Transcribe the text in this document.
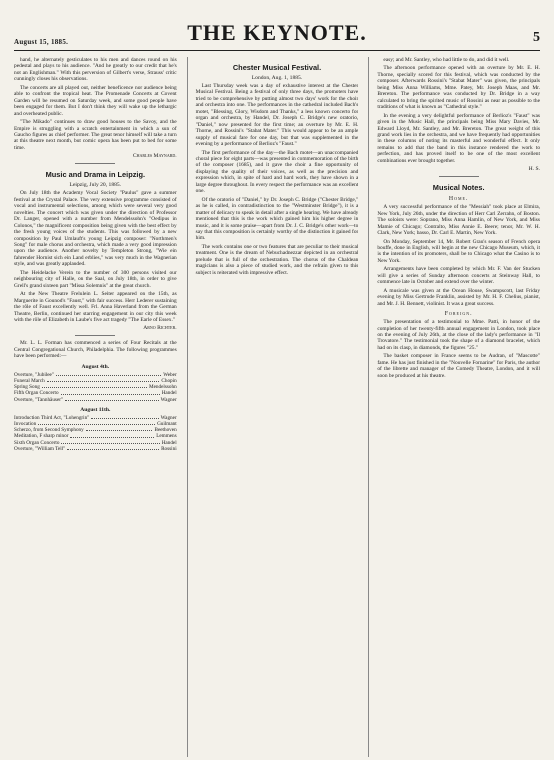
August 15, 1885.	THE KEYNOTE.	5

hand, he alternately gesticulates to his men and dances round on his pedestal and plays to his audience. "And he greatly to our credit that he's not an Englishman." With this perversion of Gilbert's verse, Strauss' critic cunningly closes his observations.

The concerts are all played out, neither beneficence nor audience being able to confront the tropical heat. The Promenade Concerts at Covent Garden will be resumed on Saturday week, and some good people have been engaged for them. But I don't think they will wake up the lethargic and overheated public.

"The Mikado" continues to draw good houses to the Savoy, and the Empire is struggling with a scratch entertainment in which a sun of Gaucho figures as chief performer. The great tenor himself will take a turn at this theatre next month, but comic opera has been put to bed for some time.

Charles Maynard.
Music and Drama in Leipzig.
Leipzig, July 20, 1885.

On July 18th the Academy Vocal Society "Paulus" gave a summer festival at the Crystal Palace. The very extensive programme consisted of vocal and instrumental selections, among which were several very good novelties. The concert which was given under the direction of Professor Dr. Langer, opened with a number from Mendelssohn's "Oedipus in Colonos," the magnificent composition being given with the best effect by the fresh young voices of the students. This was followed by a new composition by Paul Umlauft's young Leipzig composer: "Northmen's Song" for male chorus and orchestra, which made a very good impression upon the audience. Another novelty by Templeton Strong, "Wie ein fahrender Hornist sich ein Land erblies," was very much in the Wagnerian style, and was greatly applauded.

The Heidelacke Verein to the number of 300 persons visited our neighbouring city of Halle, on the Saal, on July 18th, in order to give Grell's grand sixteen part "Missa Solemnis" at the great church.

At the New Theatre Frelulein L. Seiter appeared on the 15th, as Marguerite in Gounod's "Faust," with fair success. Herr Lederer sustaining the rôle of Faust excellently well. Frl. Anna Haverland from the German Theatre, Berlin, continued her starring engagement in our city this week with the rôle of Elizabeth in Laube's five act tragedy "The Earle of Essex."

Arno Richter.

Mr. L. L. Forman has commenced a series of Four Recitals at the Central Congregational Church, Philadelphia. The following programmes have been performed:—

August 4th.
Overture, "Jubilee"	Weber
Funeral March	Chopin
Spring Song	Mendelssohn
Fifth Organ Concerto	Handel
Overture, "Tannhäuser"	Wagner
August 11th.
Introduction Third Act, "Lohengrin"	Wagner
Invocation	Guilmant
Scherzo, from Second Symphony	Beethoven
Meditation, F sharp minor	Lemmens
Sixth Organ Concerto	Handel
Overture, "William Tell"	Rossini
Chester Musical Festival.
London, Aug. 1, 1885.

Last Thursday week was a day of exhaustive interest at the Chester Musical Festival. Being a festival of only three days, the promoters have tried to be comprehensive by putting almost two days' work for the choir and orchestra into one. The performances in the cathedral included Bach's motet, "Blessing, Glory, Wisdom and Thanks," a less known concerto for organ and orchestra, by Handel, Dr. Joseph C. Bridge's new oratorio, "Daniel," now presented for the first time; an overture by Mr. E. H. Thorne, and Rossini's "Stabat Mater." This would appear to be an ample supply of musical fare for one day, but that was supplemented in the evening by a performance of Berlioz's "Faust."

The first performance of the day—the Bach motet—an unaccompanied choral piece for eight parts—was presented in commemoration of the birth of the composer (1685), and it gave the choir a fine opportunity of displaying the quality of their voices, as well as the precision and expression which, in spite of hard and hard work, they have shown in a large degree throughout. In every respect the performance was an excellent one.

Of the oratorio of "Daniel," by Dr. Joseph C. Bridge ("Chester Bridge," as he is called, in contradistinction to the "Westminster Bridge"), it is a matter of delicacy to speak in detail after a single hearing. We have already mentioned that this is the work which gained him his higher degree in music, and it is some praise—apart from Dr. J. C. Bridge's other work—to say that this composition is certainly worthy of the distinction it gained for him.

The work contains one or two features that are peculiar to their musical treatment. One is the dream of Nebuchadnezzar depicted in an orchestral prelude that is full of the orchestration. The chorus of the Chaldean magicians is also a piece of studied work, and the refrain given to this subject is reiterated with impressive effect.

easy; and Mr. Santley, who had little to do, and did it well.

The afternoon performance opened with an overture by Mr. E. H. Thorne, specially scored for this festival, which was conducted by the composer. Afterwards Rossini's "Stabat Mater" was given, the principals being Miss Anna Williams, Mme. Patey, Mr. Joseph Maas, and Mr. Brereton. The performance was conducted by Dr. Bridge in a way calculated to bring the spirited music of Rossini as near as possible to the traditions of what is known as "Cathedral style."

In the evening a very delightful performance of Berlioz's "Faust" was given in the Music Hall, the principals being Miss Mary Davies, Mr. Edward Lloyd, Mr. Santley, and Mr. Brereton. The great weight of this grand work lies in the orchestra, and we have frequently had opportunities in these columns of noting its masterful and wonderful effect. It only remains to add that the band in this instance rendered the work to perfection, and has proved itself to be one of the most excellent combinations ever brought together.

H. S.
Musical Notes.
Home.

A very successful performance of the "Messiah" took place at Elmira, New York, July 26th, under the direction of Herr Carl Zerrahn, of Boston. The soloists were: Soprano, Miss Anna Hamlin, of New York, and Miss Mamie of Chicago; Contralto, Miss Annie E. Beere; tenor, Mr. W. H. Clark, New York; basso, Dr. Carl E. Martin, New York.

On Monday, September 14, Mr. Robert Grau's season of French opera bouffe, done in English, will begin at the new Chicago Museum, which, it is the intention of its promoters, shall be to Chicago what the Casino is to New York.

Arrangements have been completed by which Mr. F. Van der Stucken will give a series of Sunday afternoon concerts at Steinway Hall, to commence late in October and extend over the winter.

A musicale was given at the Ocean House, Swampscott, last Friday evening by Miss Gertrude Franklin, assisted by Mr. H. F. Chelius, pianist, and Mr. J. H. Bennett, violinist. It was a great success.

Foreign.

The presentation of a testimonial to Mme. Patti, in honor of the completion of her twenty-fifth annual engagement in London, took place on the evening of July 26th, at the close of the lady's performance in "Il Trovatore." The testimonial took the shape of a diamond bracelet, which had on its clasp, in diamonds, the figures "25."

The basket composer in France seems to be Audran, of "Mascotte" fame. He has just finished in the "Nouvelle Fornarine" for Paris, the author of the librette and manager of the Comedy Theatre, London, and it will soon be produced at his theatre.
